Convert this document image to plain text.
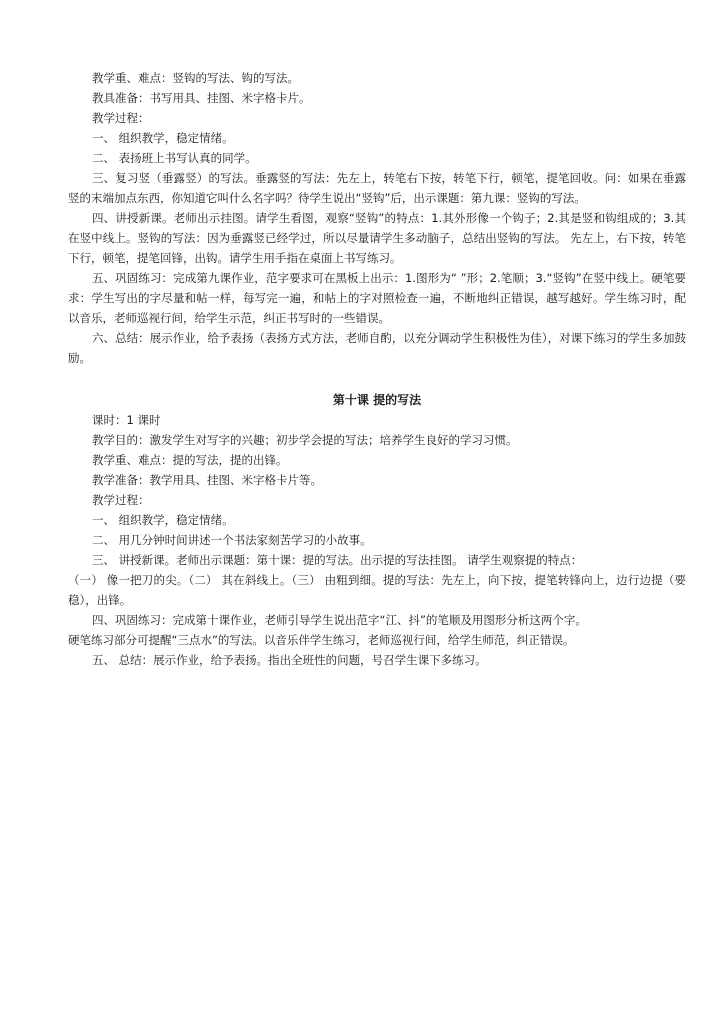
教学重、难点：竖钩的写法、钩的写法。

教具准备：书写用具、挂图、米字格卡片。

教学过程：

一、 组织教学，稳定情绪。

二、 表扬班上书写认真的同学。

三、复习竖（垂露竖）的写法。垂露竖的写法：先左上，转笔右下按，转笔下行，顿笔，提笔回收。问：如果在垂露竖的末端加点东西，你知道它叫什么名字吗？待学生说出“竖钩”后，出示课题：第九课：竖钩的写法。

四、讲授新课。老师出示挂图。请学生看图，观察“竖钩”的特点：1.其外形像一个钩子；2.其是竖和钩组成的；3.其在竖中线上。竖钩的写法：因为垂露竖已经学过，所以尽量请学生多动脑子，总结出竖钩的写法。 先左上，右下按，转笔下行，顿笔，提笔回锋，出钩。请学生用手指在桌面上书写练习。

五、巩固练习：完成第九课作业，范字要求可在黑板上出示：1.图形为“ ”形；2.笔顺；3.“竖钩”在竖中线上。硬笔要求：学生写出的字尽量和帖一样，每写完一遍，和帖上的字对照检查一遍，不断地纠正错误，越写越好。学生练习时，配以音乐，老师巡视行间，给学生示范，纠正书写时的一些错误。

六、总结：展示作业，给予表扬（表扬方式方法，老师自酌，以充分调动学生积极性为佳），对课下练习的学生多加鼓励。

第十课 提的写法

课时：1 课时

教学目的：激发学生对写字的兴趣；初步学会提的写法；培养学生良好的学习习惯。

教学重、难点：提的写法，提的出锋。

教学准备：教学用具、挂图、米字格卡片等。

教学过程：

一、 组织教学，稳定情绪。

二、 用几分钟时间讲述一个书法家刻苦学习的小故事。

三、 讲授新课。老师出示课题：第十课：提的写法。出示提的写法挂图。 请学生观察提的特点：

（一） 像一把刀的尖。（二） 其在斜线上。（三） 由粗到细。提的写法：先左上，向下按，提笔转锋向上，边行边提（要稳），出锋。

四、巩固练习：完成第十课作业，老师引导学生说出范字“江、抖”的笔顺及用图形分析这两个字。

硬笔练习部分可提醒“三点水”的写法。以音乐伴学生练习，老师巡视行间，给学生师范，纠正错误。

五、 总结：展示作业，给予表扬。指出全班性的问题，号召学生课下多练习。
